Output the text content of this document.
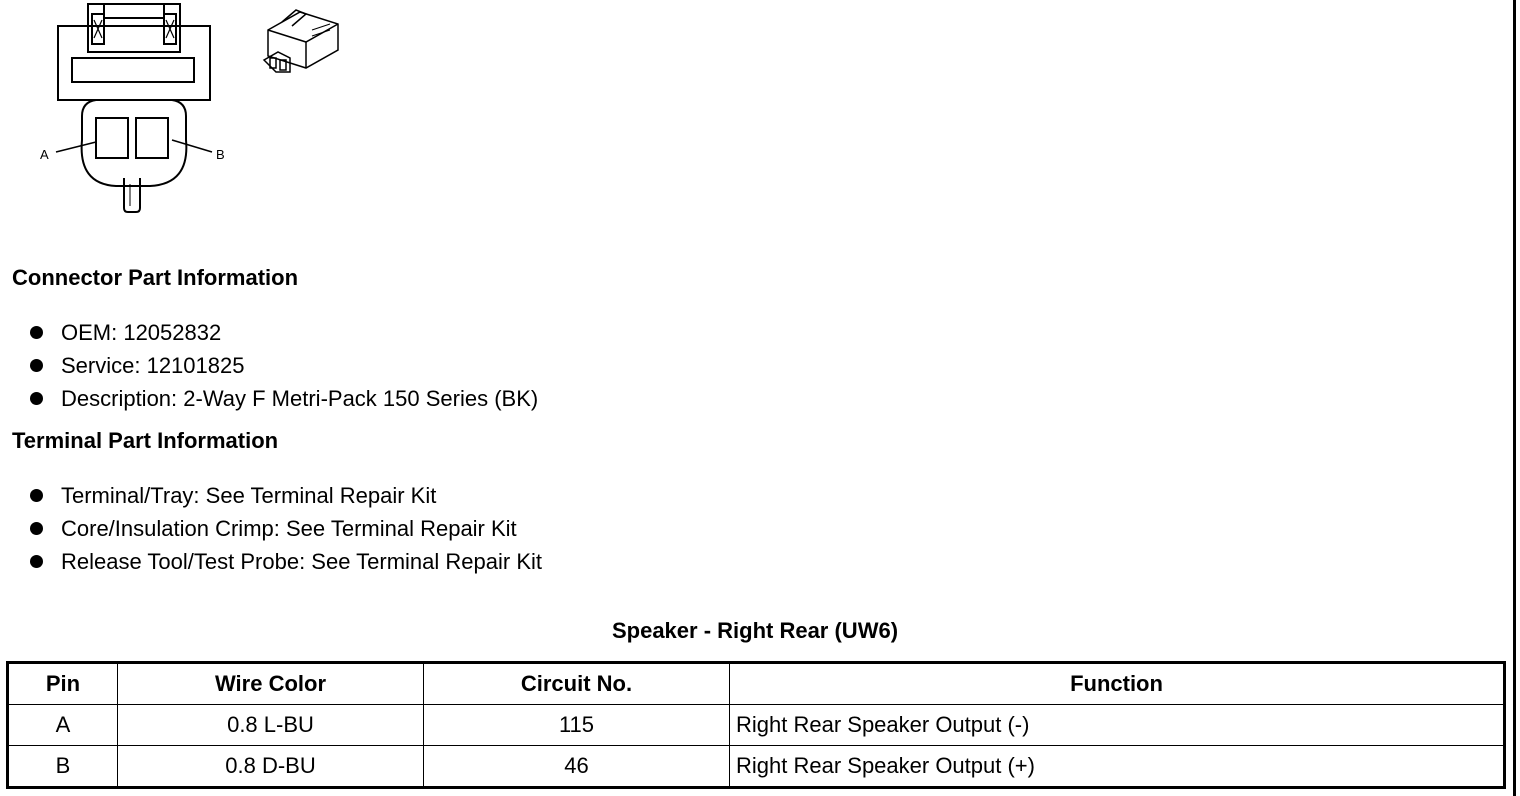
A	B
Connector Part Information
OEM: 12052832
Service: 12101825
Description: 2-Way F Metri-Pack 150 Series (BK)
Terminal Part Information
Terminal/Tray: See Terminal Repair Kit
Core/Insulation Crimp: See Terminal Repair Kit
Release Tool/Test Probe: See Terminal Repair Kit
Speaker - Right Rear (UW6)
Pin	Wire Color	Circuit No.	Function
A	0.8 L-BU	115	Right Rear Speaker Output (-)
B	0.8 D-BU	46	Right Rear Speaker Output (+)
